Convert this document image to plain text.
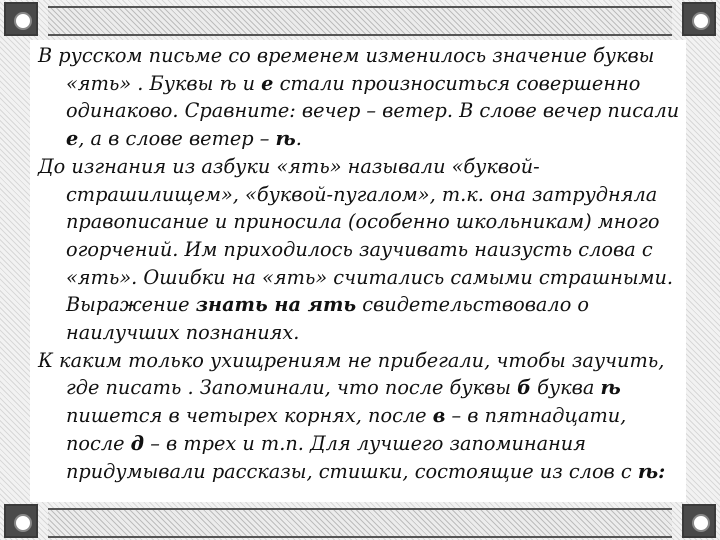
В русском письме со временем изменилось значение буквы «ять» . Буквы ѣ и е стали произноситься совершенно одинаково. Сравните: вечер – ветер. В слове вечер писали е, а в слове ветер – ѣ.

До изгнания из азбуки «ять» называли «буквой-страшилищем», «буквой-пугалом», т.к. она затрудняла правописание и приносила (особенно школьникам) много огорчений. Им приходилось заучивать наизусть слова с «ять». Ошибки на «ять» считались самыми страшными. Выражение знать на ять свидетельствовало о наилучших познаниях.

К каким только ухищрениям не прибегали, чтобы заучить, где писать . Запоминали, что после буквы б буква ѣ пишется в четырех корнях, после в – в пятнадцати, после д – в трех и т.п. Для лучшего запоминания придумывали рассказы, стишки, состоящие из слов с ѣ:
